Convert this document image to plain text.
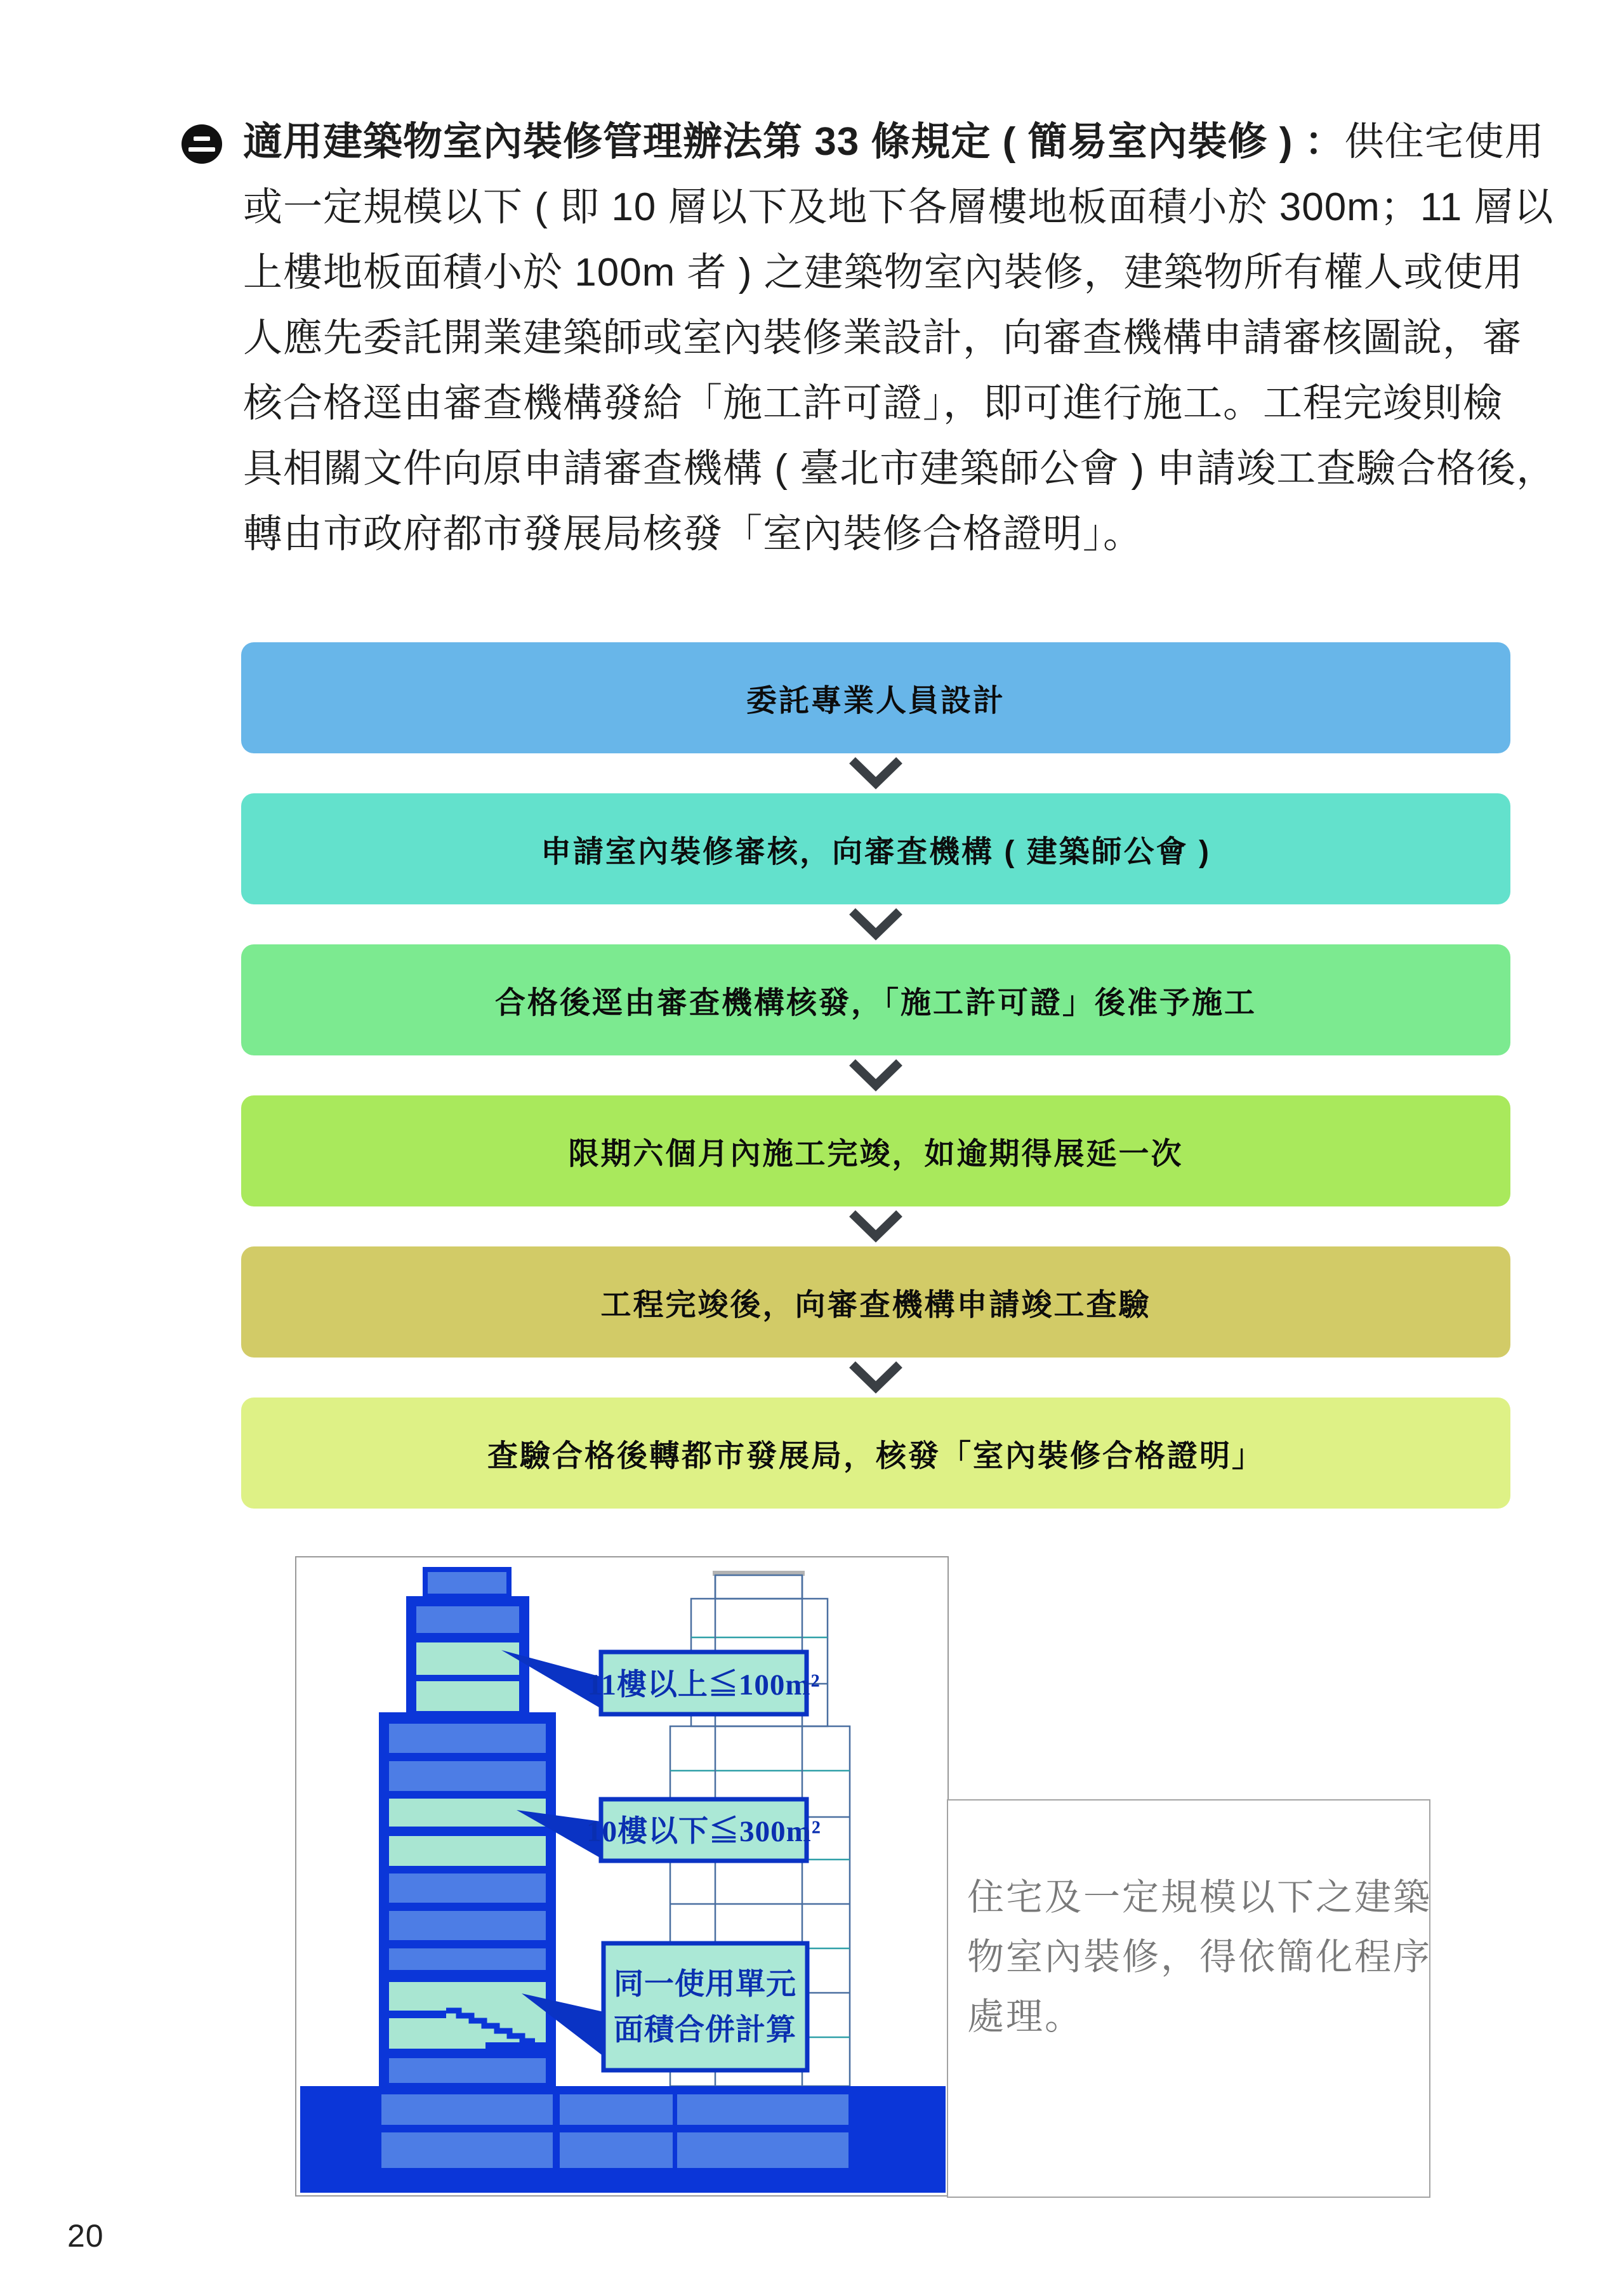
適用建築物室內裝修管理辦法第 33 條規定 ( 簡易室內裝修 ) ：供住宅使用
或一定規模以下 ( 即 10 層以下及地下各層樓地板面積小於 300m；11 層以
上樓地板面積小於 100m 者 ) 之建築物室內裝修，建築物所有權人或使用
人應先委託開業建築師或室內裝修業設計，向審查機構申請審核圖說，審
核合格逕由審查機構發給「施工許可證」，即可進行施工。工程完竣則檢
具相關文件向原申請審查機構 ( 臺北市建築師公會 ) 申請竣工查驗合格後，
轉由市政府都市發展局核發「室內裝修合格證明」。
委託專業人員設計
申請室內裝修審核，向審查機構 ( 建築師公會 )
合格後逕由審查機構核發，「施工許可證」後准予施工
限期六個月內施工完竣，如逾期得展延一次
工程完竣後，向審查機構申請竣工查驗
查驗合格後轉都市發展局，核發「室內裝修合格證明」
11樓以上≦100m²
10樓以下≦300m²
同一使用單元
面積合併計算
住宅及一定規模以下之建築
物室內裝修，得依簡化程序
處理。
20
